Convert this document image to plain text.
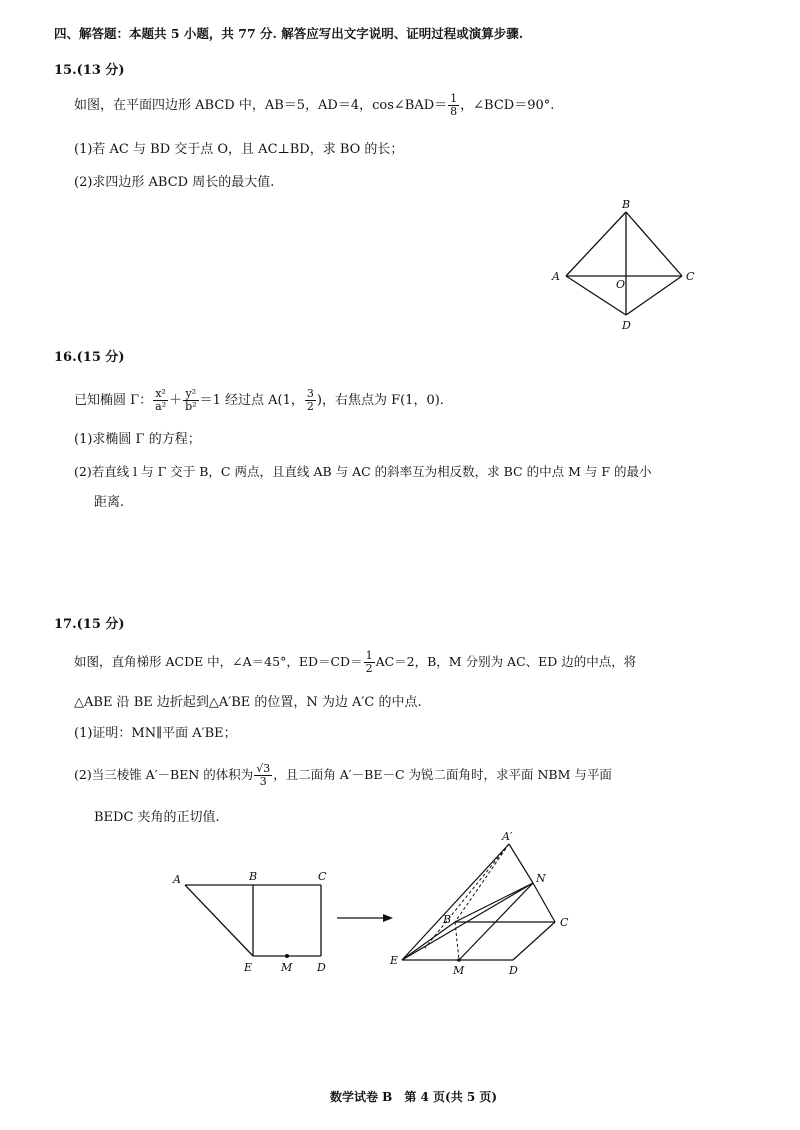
四、解答题：本题共 5 小题，共 77 分. 解答应写出文字说明、证明过程或演算步骤.
15.(13 分)
如图，在平面四边形 ABCD 中，AB＝5，AD＝4，cos∠BAD＝ $\frac{1}{8}$ ，∠BCD＝90°.
(1)若 AC 与 BD 交于点 O，且 AC⊥BD，求 BO 的长；
(2)求四边形 ABCD 周长的最大值.
B
A	C
O
D
16.(15 分)
已知椭圆 Γ： $\frac{\text{x²}}{\text{a²}} + \frac{\text{y²}}{\text{b²}} =1$ 经过点 A(1， $\frac{3}{2}$ )，右焦点为 F(1，0).
(1)求椭圆 Γ 的方程；
(2)若直线 l 与 Γ 交于 B，C 两点，且直线 AB 与 AC 的斜率互为相反数，求 BC 的中点 M 与 F 的最小
距离.
17.(15 分)
如图，直角梯形 ACDE 中，∠A＝45°，$ED=CD= \frac{1}{2} AC=2$，B，M 分别为 AC、ED 边的中点，将
△ABE 沿 BE 边折起到△A′BE 的位置，N 为边 A′C 的中点.
(1)证明：MN∥平面 A′BE；
(2)当三棱锥 A′－BEN 的体积为 $\frac{√3}{3}$ ，且二面角 A′－BE－C 为锐二面角时，求平面 NBM 与平面
BEDC 夹角的正切值.
A	B	C
E	M D
A′
N
B	C
E
M	D
数学试卷 B　第 4 页(共 5 页)
